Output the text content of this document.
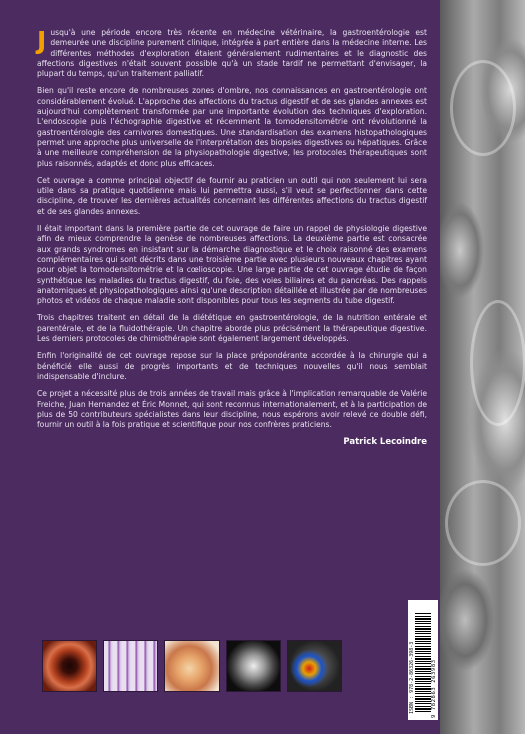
Jusqu'à une période encore très récente en médecine vétérinaire, la gastroentérologie est demeurée une discipline purement clinique, intégrée à part entière dans la médecine interne. Les différentes méthodes d'exploration étaient généralement rudimentaires et le diagnostic des affections digestives n'était souvent possible qu'à un stade tardif ne permettant d'envisager, la plupart du temps, qu'un traitement palliatif.

Bien qu'il reste encore de nombreuses zones d'ombre, nos connaissances en gastroentérologie ont considérablement évolué. L'approche des affections du tractus digestif et de ses glandes annexes est aujourd'hui complètement transformée par une importante évolution des techniques d'exploration. L'endoscopie puis l'échographie digestive et récemment la tomodensitométrie ont révolutionné la gastroentérologie des carnivores domestiques. Une standardisation des examens histopathologiques permet une approche plus universelle de l'interprétation des biopsies digestives ou hépatiques. Grâce à une meilleure compréhension de la physiopathologie digestive, les protocoles thérapeutiques sont plus raisonnés, adaptés et donc plus efficaces.

Cet ouvrage a comme principal objectif de fournir au praticien un outil qui non seulement lui sera utile dans sa pratique quotidienne mais lui permettra aussi, s'il veut se perfectionner dans cette discipline, de trouver les dernières actualités concernant les différentes affections du tractus digestif et de ses glandes annexes.

Il était important dans la première partie de cet ouvrage de faire un rappel de physiologie digestive afin de mieux comprendre la genèse de nombreuses affections. La deuxième partie est consacrée aux grands syndromes en insistant sur la démarche diagnostique et le choix raisonné des examens complémentaires qui sont décrits dans une troisième partie avec plusieurs nouveaux chapitres ayant pour objet la tomodensitométrie et la cœlioscopie. Une large partie de cet ouvrage étudie de façon synthétique les maladies du tractus digestif, du foie, des voies biliaires et du pancréas. Des rappels anatomiques et physiopathologiques ainsi qu'une description détaillée et illustrée par de nombreuses photos et vidéos de chaque maladie sont disponibles pour tous les segments du tube digestif.

Trois chapitres traitent en détail de la diététique en gastroentérologie, de la nutrition entérale et parentérale, et de la fluidothérapie. Un chapitre aborde plus précisément la thérapeutique digestive. Les derniers protocoles de chimiothérapie sont également largement développés.

Enfin l'originalité de cet ouvrage repose sur la place prépondérante accordée à la chirurgie qui a bénéficié elle aussi de progrès importants et de techniques nouvelles qu'il nous semblait indispensable d'inclure.

Ce projet a nécessité plus de trois années de travail mais grâce à l'implication remarquable de Valérie Freiche, Juan Hernandez et Éric Monnet, qui sont reconnus internationalement, et à la participation de plus de 50 contributeurs spécialistes dans leur discipline, nous espérons avoir relevé ce double défi, fournir un outil à la fois pratique et scientifique pour nos confrères praticiens.

Patrick Lecoindre
ISBN : 978-2-86326-398-3	9 782863 263983
